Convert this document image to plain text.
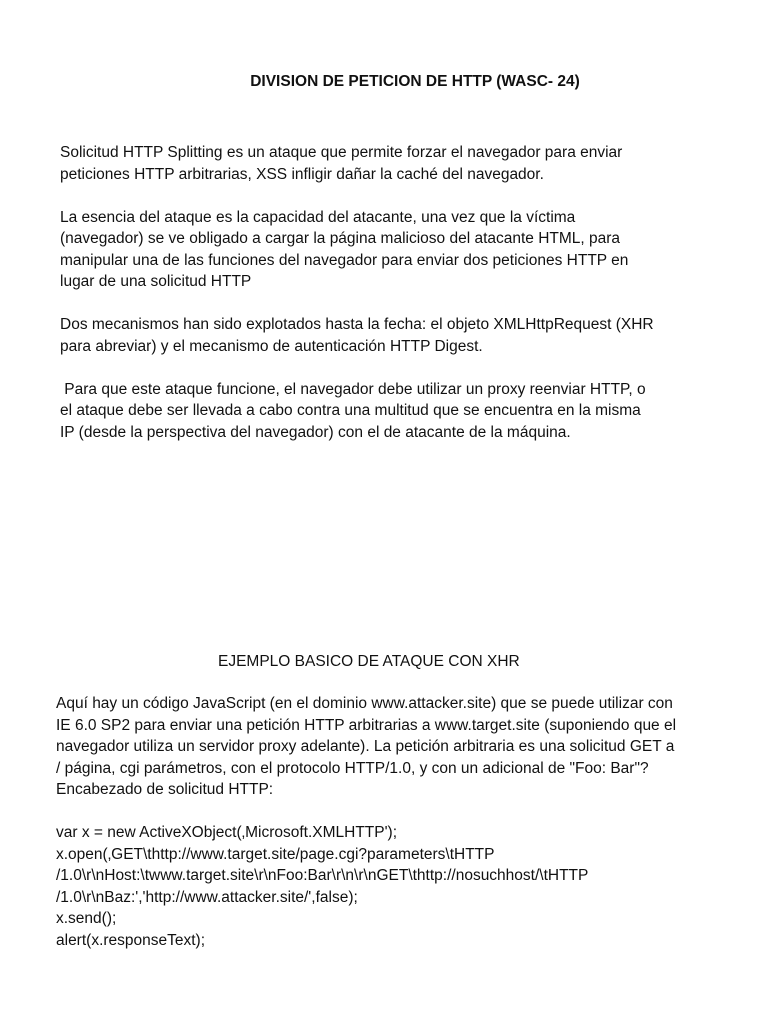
DIVISION DE PETICION DE HTTP (WASC- 24)

Solicitud HTTP Splitting es un ataque que permite forzar el navegador para enviar

peticiones HTTP arbitrarias, XSS infligir dañar la caché del navegador.

La esencia del ataque es la capacidad del atacante, una vez que la víctima

(navegador) se ve obligado a cargar la página malicioso del atacante HTML, para

manipular una de las funciones del navegador para enviar dos peticiones HTTP en

lugar de una solicitud HTTP

Dos mecanismos han sido explotados hasta la fecha: el objeto XMLHttpRequest (XHR

para abreviar) y el mecanismo de autenticación HTTP Digest.

Para que este ataque funcione, el navegador debe utilizar un proxy reenviar HTTP, o

el ataque debe ser llevada a cabo contra una multitud que se encuentra en la misma

IP (desde la perspectiva del navegador) con el de atacante de la máquina.

EJEMPLO BASICO DE ATAQUE CON XHR

Aquí hay un código JavaScript (en el dominio www.attacker.site) que se puede utilizar con

IE 6.0 SP2 para enviar una petición HTTP arbitrarias a www.target.site (suponiendo que el

navegador utiliza un servidor proxy adelante). La petición arbitraria es una solicitud GET a

/ página, cgi parámetros, con el protocolo HTTP/1.0, y con un adicional de "Foo: Bar"?

Encabezado de solicitud HTTP:

var x = new ActiveXObject(‚Microsoft.XMLHTTP');

x.open(‚GET\thttp://www.target.site/page.cgi?parameters\tHTTP

/1.0\r\nHost:\twww.target.site\r\nFoo:Bar\r\n\r\nGET\thttp://nosuchhost/\tHTTP

/1.0\r\nBaz:','http://www.attacker.site/',false);

x.send();

alert(x.responseText);
